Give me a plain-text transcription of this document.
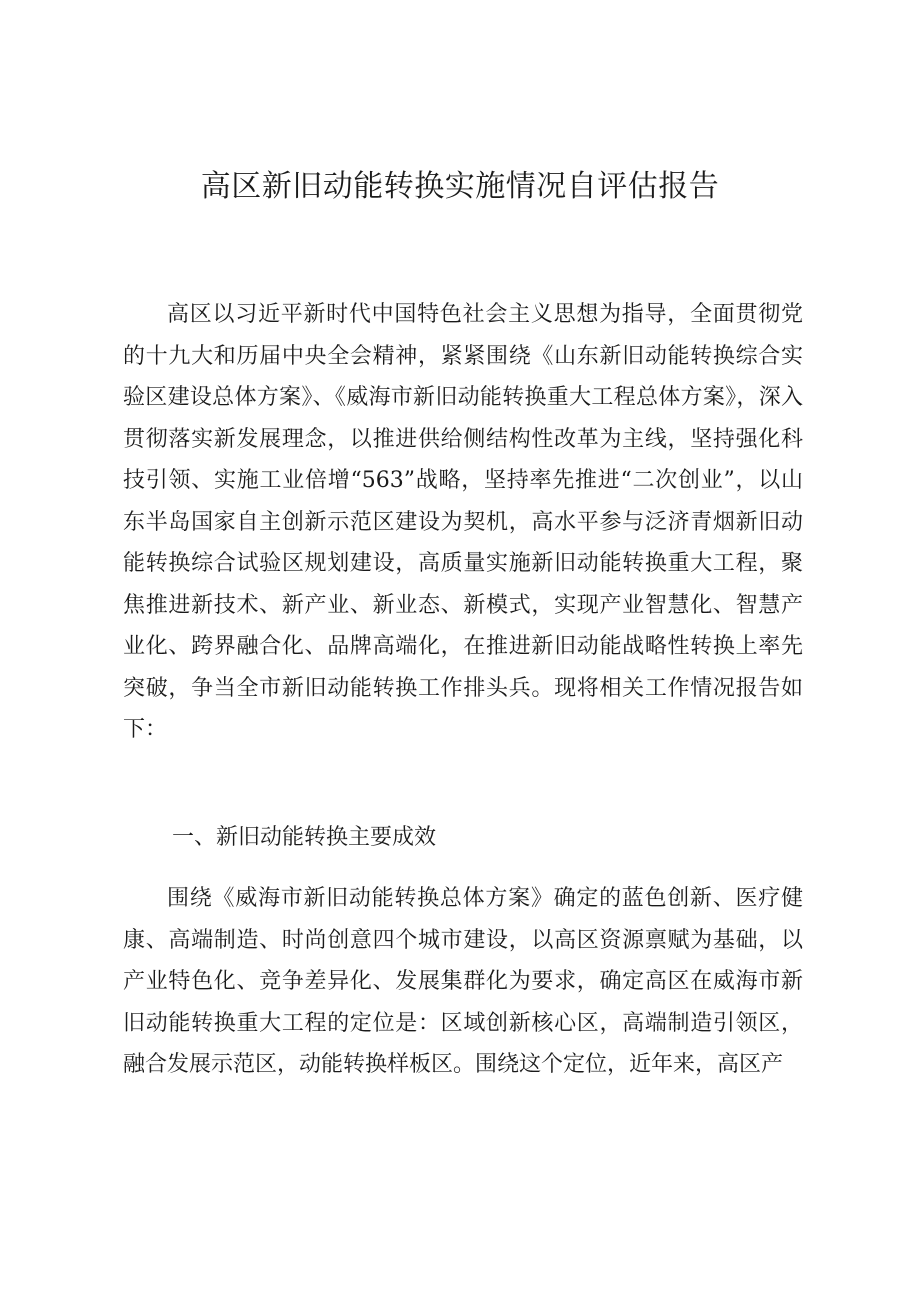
高区新旧动能转换实施情况自评估报告

高区以习近平新时代中国特色社会主义思想为指导，全面贯彻党的十九大和历届中央全会精神，紧紧围绕《山东新旧动能转换综合实验区建设总体方案》、《威海市新旧动能转换重大工程总体方案》，深入贯彻落实新发展理念，以推进供给侧结构性改革为主线，坚持强化科技引领、实施工业倍增“563”战略，坚持率先推进“二次创业”，以山东半岛国家自主创新示范区建设为契机，高水平参与泛济青烟新旧动能转换综合试验区规划建设，高质量实施新旧动能转换重大工程，聚焦推进新技术、新产业、新业态、新模式，实现产业智慧化、智慧产业化、跨界融合化、品牌高端化，在推进新旧动能战略性转换上率先突破，争当全市新旧动能转换工作排头兵。现将相关工作情况报告如下：

一、新旧动能转换主要成效

围绕《威海市新旧动能转换总体方案》确定的蓝色创新、医疗健康、高端制造、时尚创意四个城市建设，以高区资源禀赋为基础，以产业特色化、竞争差异化、发展集群化为要求，确定高区在威海市新旧动能转换重大工程的定位是：区域创新核心区，高端制造引领区，融合发展示范区，动能转换样板区。围绕这个定位，近年来，高区产
